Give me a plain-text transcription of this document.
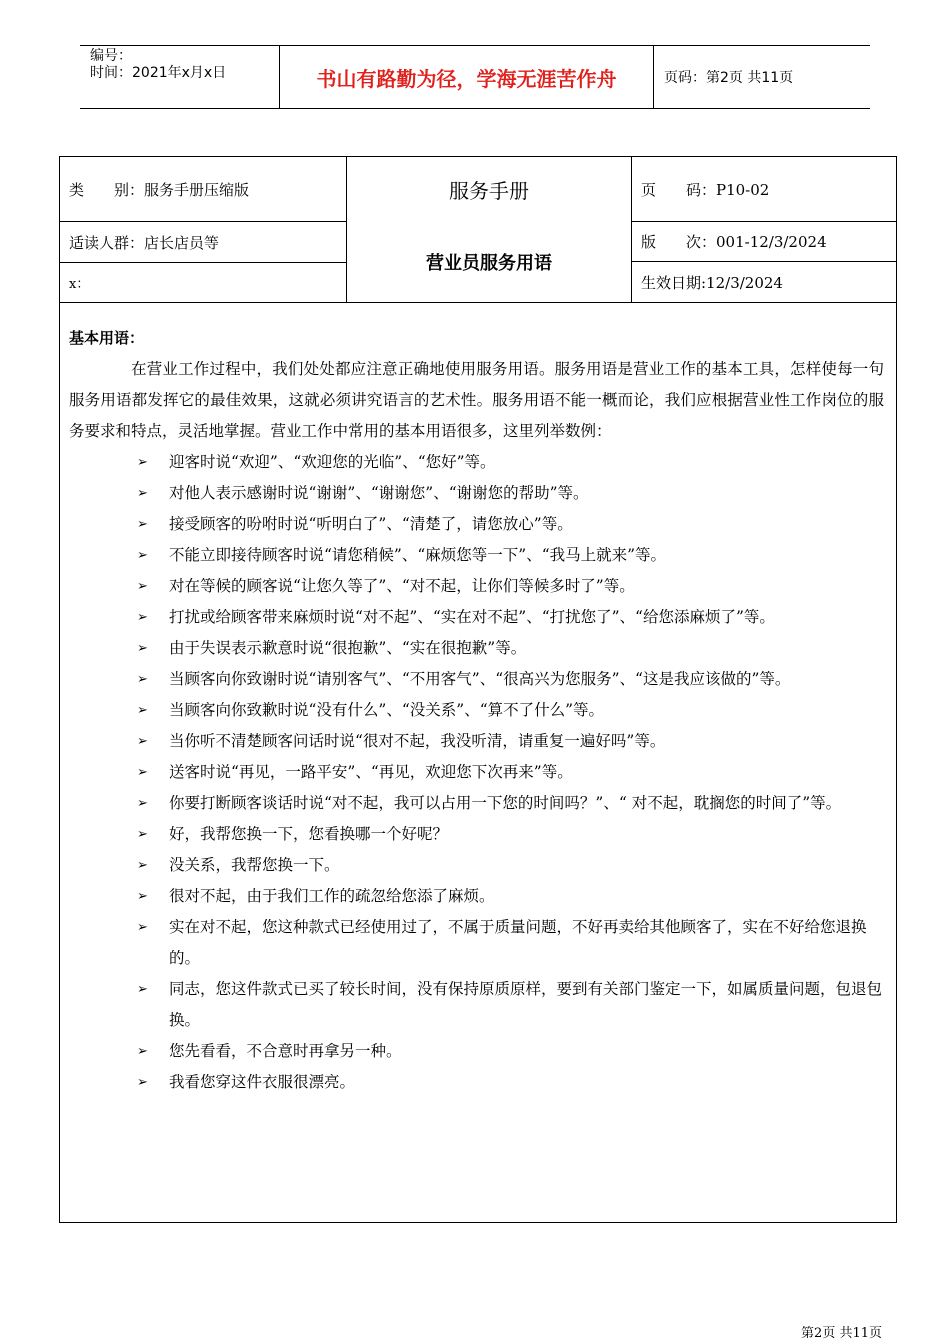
编号：
时间：2021年x月x日	书山有路勤为径，学海无涯苦作舟	页码：第2页 共11页
类　　别：服务手册压缩版
适读人群：店长店员等
x：
服务手册
营业员服务用语
页　　码：P10-02
版　　次：001-12/3/2024
生效日期:12/3/2024
基本用语：

在营业工作过程中，我们处处都应注意正确地使用服务用语。服务用语是营业工作的基本工具，怎样使每一句服务用语都发挥它的最佳效果，这就必须讲究语言的艺术性。服务用语不能一概而论，我们应根据营业性工作岗位的服务要求和特点，灵活地掌握。营业工作中常用的基本用语很多，这里列举数例：

➢ 迎客时说“欢迎”、“欢迎您的光临”、“您好”等。
➢ 对他人表示感谢时说“谢谢”、“谢谢您”、“谢谢您的帮助”等。
➢ 接受顾客的吩咐时说“听明白了”、“清楚了，请您放心”等。
➢ 不能立即接待顾客时说“请您稍候”、“麻烦您等一下”、“我马上就来”等。
➢ 对在等候的顾客说“让您久等了”、“对不起，让你们等候多时了”等。
➢ 打扰或给顾客带来麻烦时说“对不起”、“实在对不起”、“打扰您了”、“给您添麻烦了”等。
➢ 由于失误表示歉意时说“很抱歉”、“实在很抱歉”等。
➢ 当顾客向你致谢时说“请别客气”、“不用客气”、“很高兴为您服务”、“这是我应该做的”等。
➢ 当顾客向你致歉时说“没有什么”、“没关系”、“算不了什么”等。
➢ 当你听不清楚顾客问话时说“很对不起，我没听清，请重复一遍好吗”等。
➢ 送客时说“再见，一路平安”、“再见，欢迎您下次再来”等。
➢ 你要打断顾客谈话时说“对不起，我可以占用一下您的时间吗？”、“ 对不起，耽搁您的时间了”等。
➢ 好，我帮您换一下，您看换哪一个好呢？
➢ 没关系，我帮您换一下。
➢ 很对不起，由于我们工作的疏忽给您添了麻烦。
➢ 实在对不起，您这种款式已经使用过了，不属于质量问题，不好再卖给其他顾客了，实在不好给您退换的。
➢ 同志，您这件款式已买了较长时间，没有保持原质原样，要到有关部门鉴定一下，如属质量问题，包退包换。
➢ 您先看看，不合意时再拿另一种。
➢ 我看您穿这件衣服很漂亮。
第2页 共11页
